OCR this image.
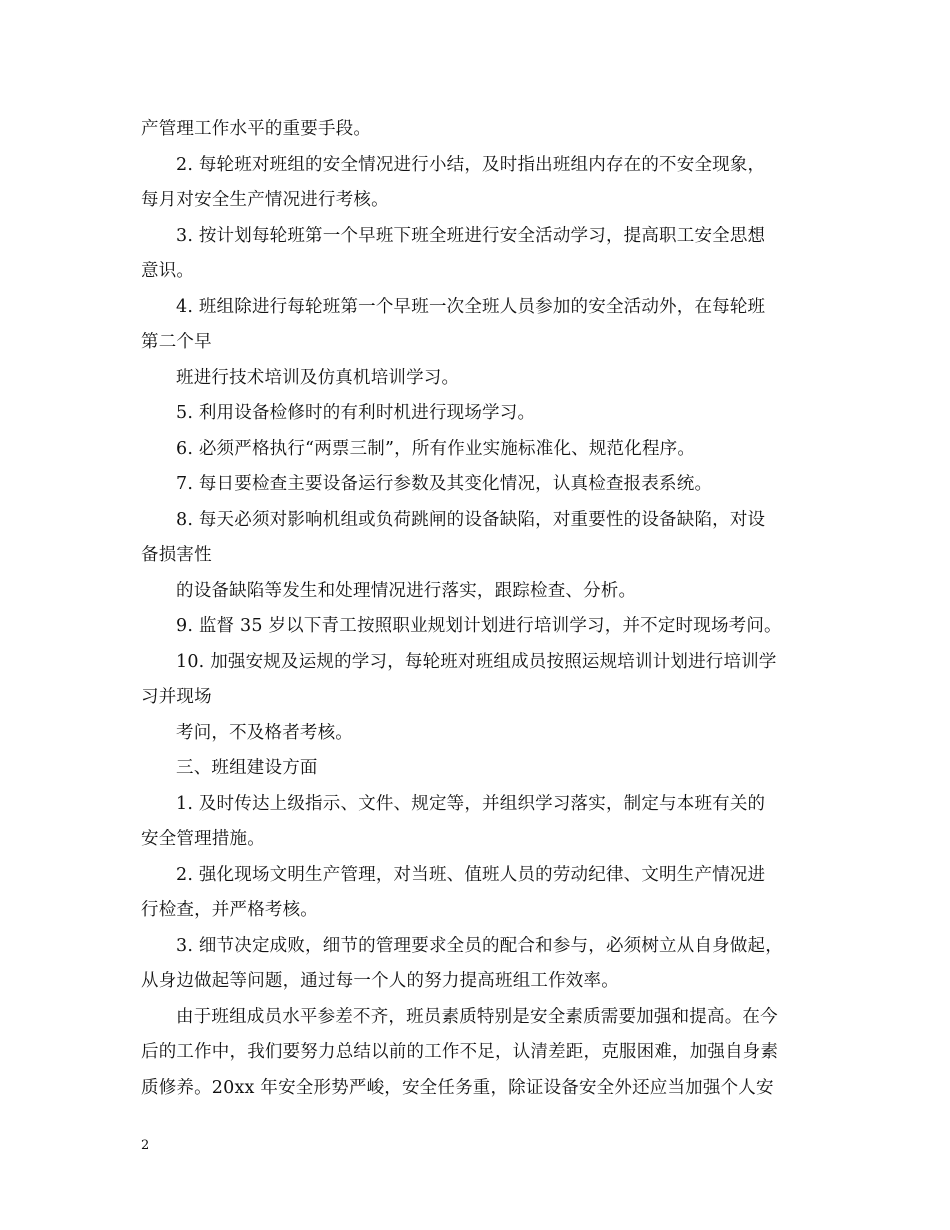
产管理工作水平的重要手段。
2. 每轮班对班组的安全情况进行小结，及时指出班组内存在的不安全现象，
每月对安全生产情况进行考核。
3. 按计划每轮班第一个早班下班全班进行安全活动学习，提高职工安全思想
意识。
4. 班组除进行每轮班第一个早班一次全班人员参加的安全活动外，在每轮班
第二个早
班进行技术培训及仿真机培训学习。
5. 利用设备检修时的有利时机进行现场学习。
6. 必须严格执行“两票三制”，所有作业实施标准化、规范化程序。
7. 每日要检查主要设备运行参数及其变化情况，认真检查报表系统。
8. 每天必须对影响机组或负荷跳闸的设备缺陷，对重要性的设备缺陷，对设
备损害性
的设备缺陷等发生和处理情况进行落实，跟踪检查、分析。
9. 监督 35 岁以下青工按照职业规划计划进行培训学习，并不定时现场考问。
10. 加强安规及运规的学习，每轮班对班组成员按照运规培训计划进行培训学
习并现场
考问，不及格者考核。
三、班组建设方面
1. 及时传达上级指示、文件、规定等，并组织学习落实，制定与本班有关的
安全管理措施。
2. 强化现场文明生产管理，对当班、值班人员的劳动纪律、文明生产情况进
行检查，并严格考核。
3. 细节决定成败，细节的管理要求全员的配合和参与，必须树立从自身做起，
从身边做起等问题，通过每一个人的努力提高班组工作效率。
由于班组成员水平参差不齐，班员素质特别是安全素质需要加强和提高。在今
后的工作中，我们要努力总结以前的工作不足，认清差距，克服困难，加强自身素
质修养。20xx 年安全形势严峻，安全任务重，除证设备安全外还应当加强个人安
2
